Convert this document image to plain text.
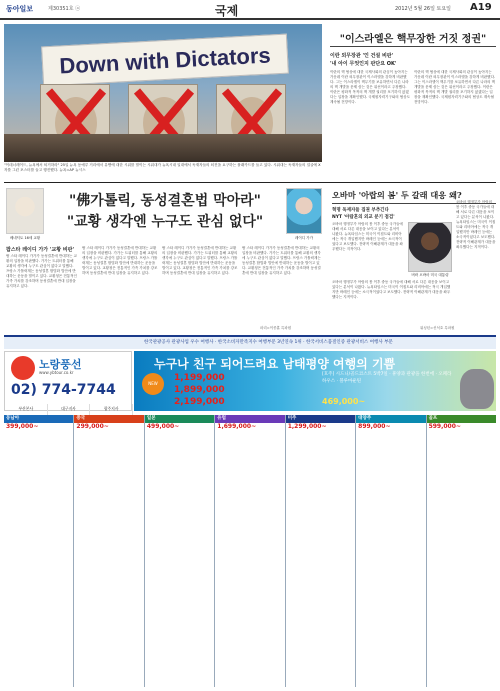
동아일보	제30351호 ⓐ	국제	2012년 5월 26일 토요일 A19
Down with Dictators
"이데너레이드, 뉴욕에서 퇴거하라" 25일 뉴욕 동예루 거리에서 유엔에 대한 시위를 벌이는 시위대가 뉴욕시내 일대에서 독재자들의 퇴진을 요구하는 플래카드를 들고 있다. 시위대는 독재자들의 얼굴에 X자를 그린 포스터를 들고 행진했다. 뉴욕=AP 뉴시스
"이스라엘은 핵무장한 거짓 정권"
이란 외무장관 '인 건설 비판'
'내 아이 무엇인지 판단요 OK'
이란의 핵 협상에 대한 국제사회의 관심이 높아지는 가운데 이란 외무장관이 이스라엘을 강하게 비판했다. 그는 이스라엘이 핵무기를 보유하면서 다른 나라의 핵 개발을 문제 삼는 것은 위선이라고 주장했다. 이란은 평화적 목적의 핵 개발 권리를 포기하지 않겠다는 입장을 재확인했다. 국제원자력기구와의 협상도 계속될 전망이다.
이란의 핵 협상에 대한 국제사회의 관심이 높아지는 가운데 이란 외무장관이 이스라엘을 강하게 비판했다. 그는 이스라엘이 핵무기를 보유하면서 다른 나라의 핵 개발을 문제 삼는 것은 위선이라고 주장했다. 이란은 평화적 목적의 핵 개발 권리를 포기하지 않겠다는 입장을 재확인했다. 국제원자력기구와의 협상도 계속될 전망이다.
베네딕토 16세 교황
"佛가톨릭, 동성결혼법 막아라"
"교황 생각엔 누구도 관심 없다"
레이디 가가
팝스타 레이디 가가 '교황 비판'
팝 스타 레이디 가가가 동성결혼에 반대하는 교황의 입장을 비판했다. 가가는 트위터를 통해 교황의 생각에 누구도 관심이 없다고 말했다. 프랑스 가톨릭계는 동성결혼 합법화 법안에 반대하는 운동을 벌이고 있다. 교황청은 전통적인 가족 가치를 강조하며 동성결혼에 반대 입장을 유지하고 있다.
팝 스타 레이디 가가가 동성결혼에 반대하는 교황의 입장을 비판했다. 가가는 트위터를 통해 교황의 생각에 누구도 관심이 없다고 말했다. 프랑스 가톨릭계는 동성결혼 합법화 법안에 반대하는 운동을 벌이고 있다. 교황청은 전통적인 가족 가치를 강조하며 동성결혼에 반대 입장을 유지하고 있다.
팝 스타 레이디 가가가 동성결혼에 반대하는 교황의 입장을 비판했다. 가가는 트위터를 통해 교황의 생각에 누구도 관심이 없다고 말했다. 프랑스 가톨릭계는 동성결혼 합법화 법안에 반대하는 운동을 벌이고 있다. 교황청은 전통적인 가족 가치를 강조하며 동성결혼에 반대 입장을 유지하고 있다.
팝 스타 레이디 가가가 동성결혼에 반대하는 교황의 입장을 비판했다. 가가는 트위터를 통해 교황의 생각에 누구도 관심이 없다고 말했다. 프랑스 가톨릭계는 동성결혼 합법화 법안에 반대하는 운동을 벌이고 있다. 교황청은 전통적인 가족 가치를 강조하며 동성결혼에 반대 입장을 유지하고 있다.
파리=이종훈 특파원
오바마 '아랍의 봄' 두 갈래 대응 왜?
혁명 독재자들 집권 부추긴다
NYT '아랍혼의 외교 분기 점검'
버락 오바마 미국 대통령
오바마 행정부가 아랍의 봄 이후 중동 국가들에 대해 서로 다른 대응을 보이고 있다는 분석이 나왔다. 뉴욕타임스는 미국이 이집트와 리비아에는 적극 개입했지만 바레인 등에는 소극적이었다고 보도했다. 전략적 이해관계가 대응을 좌우했다는 지적이다.
오바마 행정부가 아랍의 봄 이후 중동 국가들에 대해 서로 다른 대응을 보이고 있다는 분석이 나왔다. 뉴욕타임스는 미국이 이집트와 리비아에는 적극 개입했지만 바레인 등에는 소극적이었다고 보도했다. 전략적 이해관계가 대응을 좌우했다는 지적이다.
오바마 행정부가 아랍의 봄 이후 중동 국가들에 대해 서로 다른 대응을 보이고 있다는 분석이 나왔다. 뉴욕타임스는 미국이 이집트와 리비아에는 적극 개입했지만 바레인 등에는 소극적이었다고 보도했다. 전략적 이해관계가 대응을 좌우했다는 지적이다.
워싱턴=신석호 특파원
한국관광공사 관광사업 우수 여행사 · 한국소비자만족지수 여행부문 3년연속 1위 · 한국서비스품질인증 관광서비스 여행사 부문
노랑풍선
www.ybtour.co.kr
02) 774-7744
부산본사	대구지사	광주지사
누구나 친구 되어드려요 남태평양 여행의 기쁨
NEW
1,199,000
1,899,000
2,199,000
[호주] 시드니/골드코스트 5박7일 · 휴양과 관광을 한번에 · 오페라하우스 · 블루마운틴
469,000~
동남아
399,000~
중국
299,000~
일본
499,000~
유럽
1,699,000~
미주
1,299,000~
대양주
899,000~
골프
599,000~
